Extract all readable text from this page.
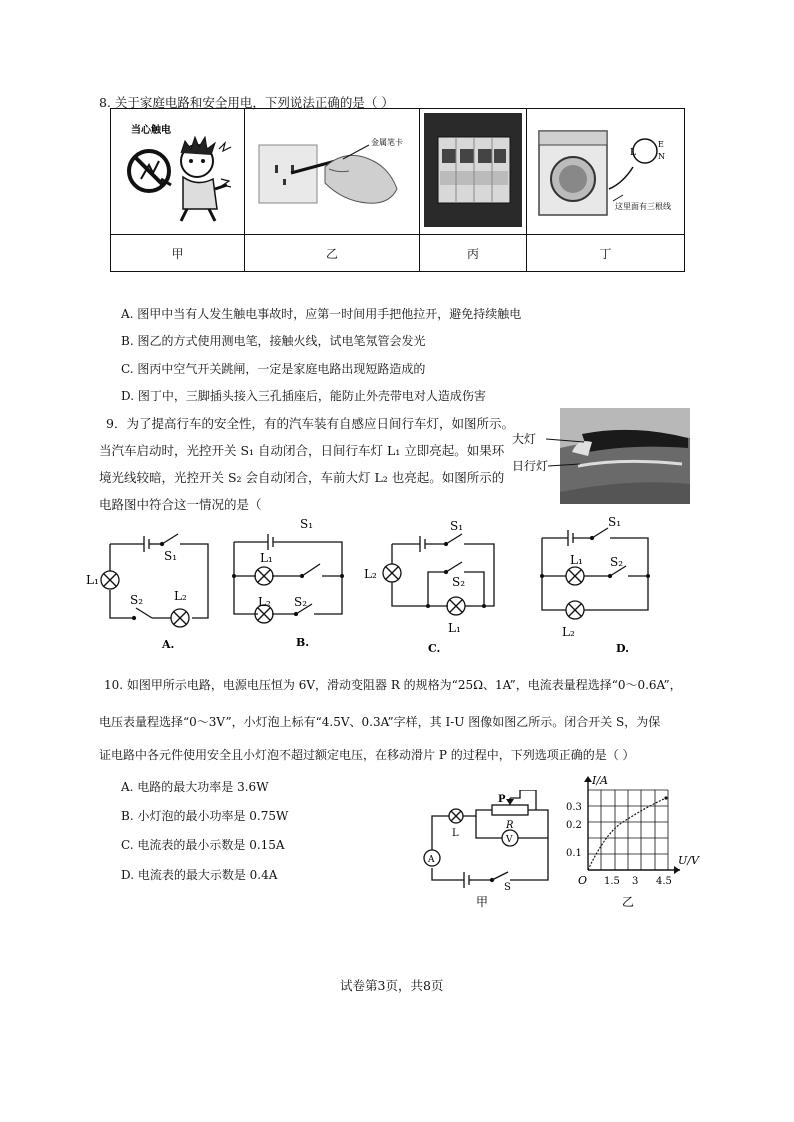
8. 关于家庭电路和安全用电，下列说法正确的是（ ）
当心触电	金属笔卡		L
E
N
这里面有三根线

甲	乙	丙	丁
A. 图甲中当有人发生触电事故时，应第一时间用手把他拉开，避免持续触电
B. 图乙的方式使用测电笔，接触火线，试电笔氖管会发光
C. 图丙中空气开关跳闸，一定是家庭电路出现短路造成的
D. 图丁中，三脚插头接入三孔插座后，能防止外壳带电对人造成伤害
9．为了提高行车的安全性，有的汽车装有自感应日间行车灯，如图所示。
当汽车启动时，光控开关 S₁ 自动闭合，日间行车灯 L₁ 立即亮起。如果环
境光线较暗，光控开关 S₂ 会自动闭合，车前大灯 L₂ 也亮起。如图所示的
电路图中符合这一情况的是（
大灯
日行灯
S₁
L₁
S₂	L₂
A.
S₁
L₁
L₂ S₂
B.
S₁
L₂
S₂
L₁
C.
S₁
L₁ S₂
L₂
D.
10. 如图甲所示电路，电源电压恒为 6V，滑动变阻器 R 的规格为“25Ω、1A”，电流表量程选择“0～0.6A”，
电压表量程选择“0～3V”，小灯泡上标有“4.5V、0.3A”字样，其 I-U 图像如图乙所示。闭合开关 S，为保
证电路中各元件使用安全且小灯泡不超过额定电压，在移动滑片 P 的过程中，下列选项正确的是（ ）
A. 电路的最大功率是 3.6W
B. 小灯泡的最小功率是 0.75W
C. 电流表的最小示数是 0.15A
D. 电流表的最大示数是 0.4A
P
R
L
A
V
S
甲
I/A
U/V
O
0.3
0.2
0.1
1.5 3 4.5
乙
试卷第3页，共8页
